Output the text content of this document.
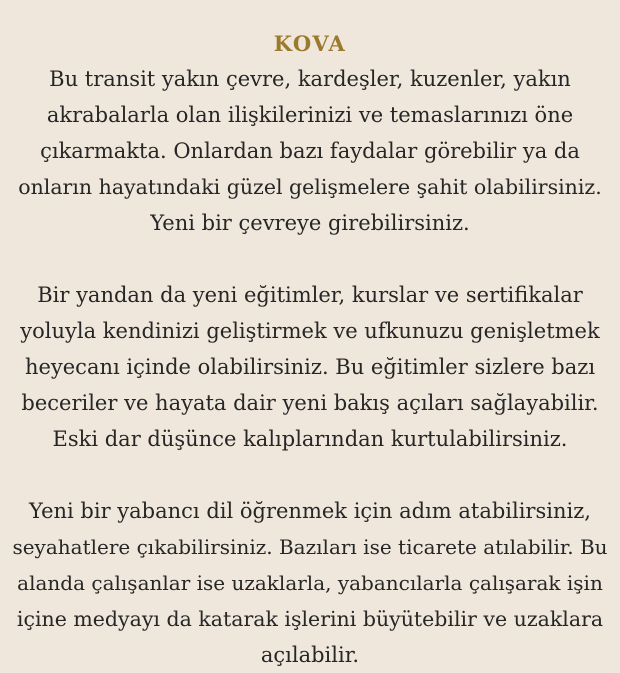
KOVA

Bu transit yakın çevre, kardeşler, kuzenler, yakın
akrabalarla olan ilişkilerinizi ve temaslarınızı öne
çıkarmakta. Onlardan bazı faydalar görebilir ya da
onların hayatındaki güzel gelişmelere şahit olabilirsiniz.
Yeni bir çevreye girebilirsiniz.

Bir yandan da yeni eğitimler, kurslar ve sertifikalar
yoluyla kendinizi geliştirmek ve ufkunuzu genişletmek
heyecanı içinde olabilirsiniz. Bu eğitimler sizlere bazı
beceriler ve hayata dair yeni bakış açıları sağlayabilir.
Eski dar düşünce kalıplarından kurtulabilirsiniz.

Yeni bir yabancı dil öğrenmek için adım atabilirsiniz,
seyahatlere çıkabilirsiniz. Bazıları ise ticarete atılabilir. Bu
alanda çalışanlar ise uzaklarla, yabancılarla çalışarak işin
içine medyayı da katarak işlerini büyütebilir ve uzaklara
açılabilir.
